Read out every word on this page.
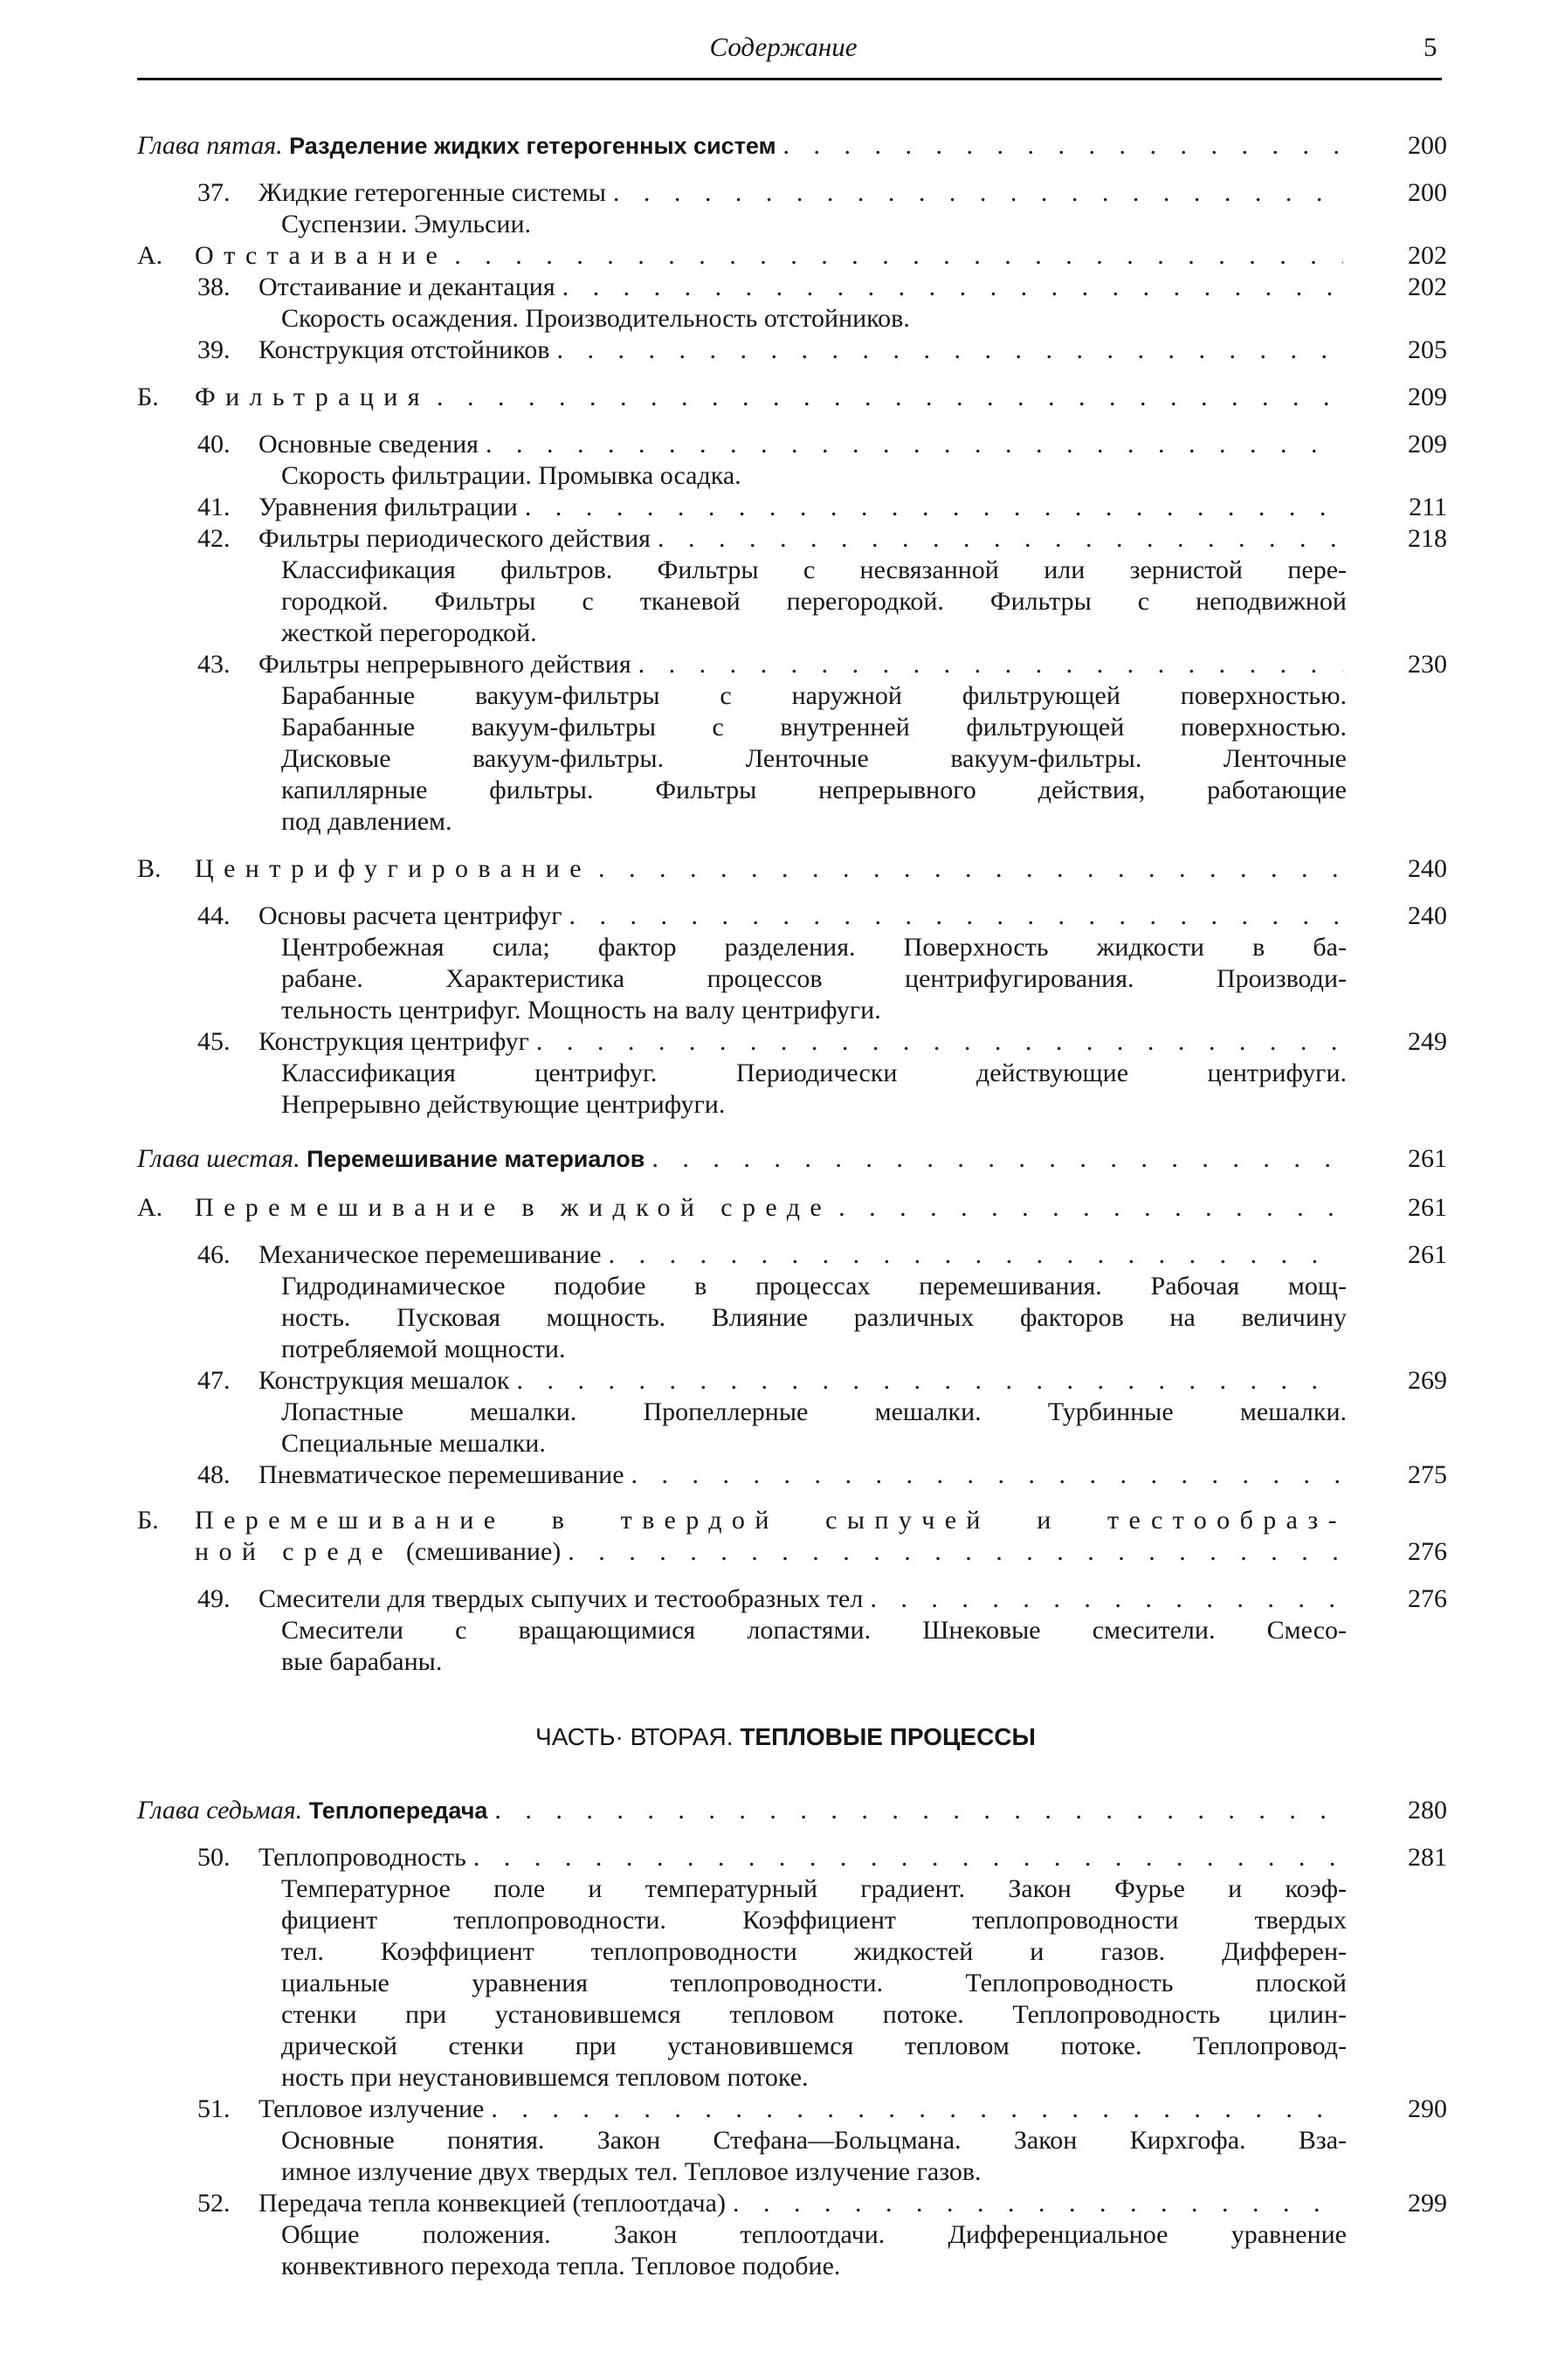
Содержание	5
Глава пятая.
Разделение жидких гетерогенных систем . . .	200
37.	Жидкие гетерогенные системы . . .	200
Суспензии. Эмульсии.
А.	Отстаивание . . .	202
38.	Отстаивание и декантация . . .	202
Скорость осаждения. Производительность отстойников.
39.	Конструкция отстойников . . .	205
Б.	Фильтрация . . .	209
40.	Основные сведения . . .	209
Скорость фильтрации. Промывка осадка.
41.	Уравнения фильтрации . . .	211
42.	Фильтры периодического действия . . .	218
Классификация фильтров. Фильтры с несвязанной или зернистой пере-
городкой. Фильтры с тканевой перегородкой. Фильтры с неподвижной
жесткой перегородкой.
43.	Фильтры непрерывного действия . . .	230
Барабанные вакуум-фильтры с наружной фильтрующей поверхностью.
Барабанные вакуум-фильтры с внутренней фильтрующей поверхностью.
Дисковые вакуум-фильтры. Ленточные вакуум-фильтры. Ленточные
капиллярные фильтры. Фильтры непрерывного действия, работающие
под давлением.
В.	Центрифугирование . . .	240
44.	Основы расчета центрифуг . . .	240
Центробежная сила; фактор разделения. Поверхность жидкости в ба-
рабане. Характеристика процессов центрифугирования. Производи-
тельность центрифуг. Мощность на валу центрифуги.
45.	Конструкция центрифуг . . .	249
Классификация центрифуг. Периодически действующие центрифуги.
Непрерывно действующие центрифуги.
Глава шестая.
Перемешивание материалов . . .	261
А.	Перемешивание в жидкой среде . . .	261
46.	Механическое перемешивание . . .	261
Гидродинамическое подобие в процессах перемешивания. Рабочая мощ-
ность. Пусковая мощность. Влияние различных факторов на величину
потребляемой мощности.
47.	Конструкция мешалок . . .	269
Лопастные мешалки. Пропеллерные мешалки. Турбинные мешалки.
Специальные мешалки.
48.	Пневматическое перемешивание . . .	275
Б.	Перемешивание в твердой сыпучей и тестообраз-
ной среде
(смешивание) . . .	276
49.	Смесители для твердых сыпучих и тестообразных тел . . .	276
Смесители с вращающимися лопастями. Шнековые смесители. Смесо-
вые барабаны.
ЧАСТЬ· ВТОРАЯ. ТЕПЛОВЫЕ ПРОЦЕССЫ
Глава седьмая.
Теплопередача . . .	280
50.	Теплопроводность . . .	281
Температурное поле и температурный градиент. Закон Фурье и коэф-
фициент теплопроводности. Коэффициент теплопроводности твердых
тел. Коэффициент теплопроводности жидкостей и газов. Дифферен-
циальные уравнения теплопроводности. Теплопроводность плоской
стенки при установившемся тепловом потоке. Теплопроводность цилин-
дрической стенки при установившемся тепловом потоке. Теплопровод-
ность при неустановившемся тепловом потоке.
51.	Тепловое излучение . . .	290
Основные понятия. Закон Стефана—Больцмана. Закон Кирхгофа. Вза-
имное излучение двух твердых тел. Тепловое излучение газов.
52.	Передача тепла конвекцией (теплоотдача) . . .	299
Общие положения. Закон теплоотдачи. Дифференциальное уравнение
конвективного перехода тепла. Тепловое подобие.
